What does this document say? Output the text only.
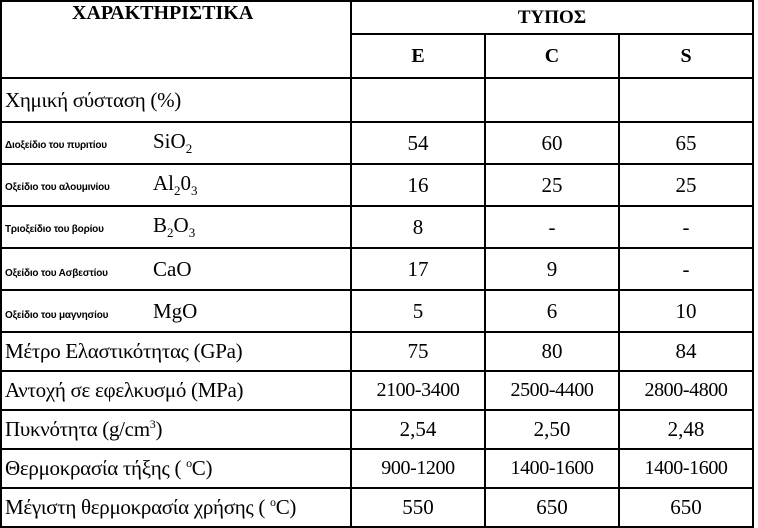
ΧΑΡΑΚΤΗΡΙΣΤΙΚΑ	ΤΥΠΟΣ		
	E	C	S
Χημική σύσταση (%)			
Διοξείδιο του πυριτίου SiO$_2$	54	60	65
Οξείδιο του αλουμινίου $Al_20_3$	16	25	25
Τριοξείδιο του βορίου $B_2O_3$	8	-	-
Οξείδιο του Ασβεστίου CaO	17	9	-
Οξείδιο του μαγνησίου MgO	5	6	10
Μέτρο Ελαστικότητας (GPa)	75	80	84
Αντοχή σε εφελκυσμό (MPa)	2100-3400	2500-4400	2800-4800
Πυκνότητα $(g/cm^3)$	2,54	2,50	2,48
Θερμοκρασία τήξης ( $^o$C)	900-1200	1400-1600	1400-1600
Μέγιστη θερμοκρασία χρήσης ( $^o$C)	550	650	650
